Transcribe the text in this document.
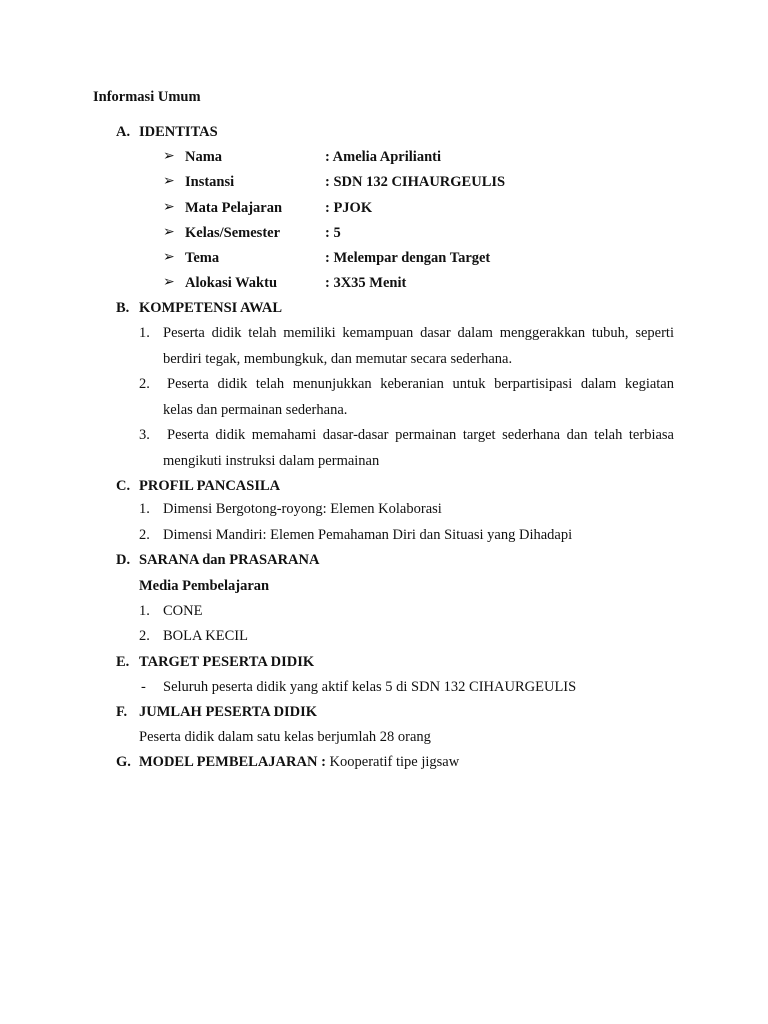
Informasi Umum
A. IDENTITAS
➢ Nama	: Amelia Aprilianti
➢ Instansi	: SDN 132 CIHAURGEULIS
➢ Mata Pelajaran	: PJOK
➢ Kelas/Semester	: 5
➢ Tema	: Melempar dengan Target
➢ Alokasi Waktu	: 3X35 Menit
B. KOMPETENSI AWAL
1. Peserta didik telah memiliki kemampuan dasar dalam menggerakkan tubuh, seperti
berdiri tegak, membungkuk, dan memutar secara sederhana.
2. Peserta didik telah menunjukkan keberanian untuk berpartisipasi dalam kegiatan
kelas dan permainan sederhana.
3. Peserta didik memahami dasar-dasar permainan target sederhana dan telah terbiasa
mengikuti instruksi dalam permainan
C. PROFIL PANCASILA
1. Dimensi Bergotong-royong: Elemen Kolaborasi
2. Dimensi Mandiri: Elemen Pemahaman Diri dan Situasi yang Dihadapi
D. SARANA dan PRASARANA
Media Pembelajaran
1. CONE
2. BOLA KECIL
E. TARGET PESERTA DIDIK
- Seluruh peserta didik yang aktif kelas 5 di SDN 132 CIHAURGEULIS
F. JUMLAH PESERTA DIDIK
Peserta didik dalam satu kelas berjumlah 28 orang
G. MODEL PEMBELAJARAN : Kooperatif tipe jigsaw
